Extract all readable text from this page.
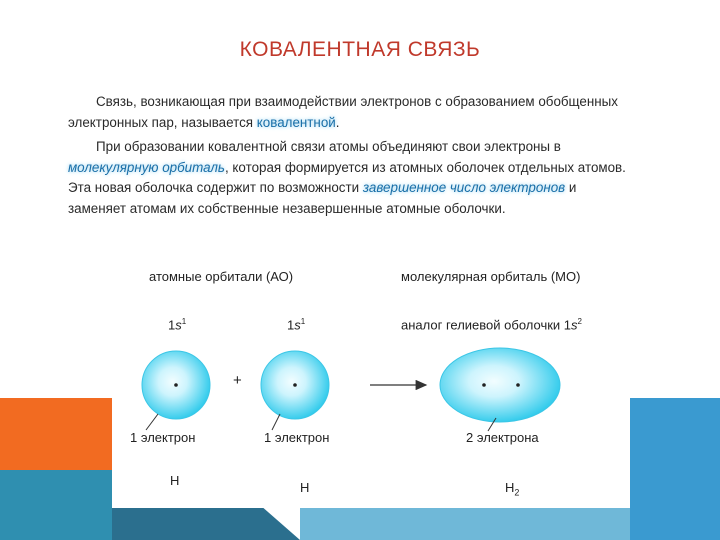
КОВАЛЕНТНАЯ СВЯЗЬ
Связь, возникающая при взаимодействии электронов с образованием обобщенных электронных пар, называется ковалентной.
При образовании ковалентной связи атомы объединяют свои электроны в молекулярную орбиталь, которая формируется из атомных оболочек отдельных атомов. Эта новая оболочка содержит по возможности завершенное число электронов и заменяет атомам их собственные незавершенные атомные оболочки.
атомные орбитали (АО)	молекулярная орбиталь (МО)
$1s^1$	$1s^1$	аналог гелиевой оболочки $1s^2$
+
1 электрон	1 электрон	2 электрона
H	H	$H_2$
